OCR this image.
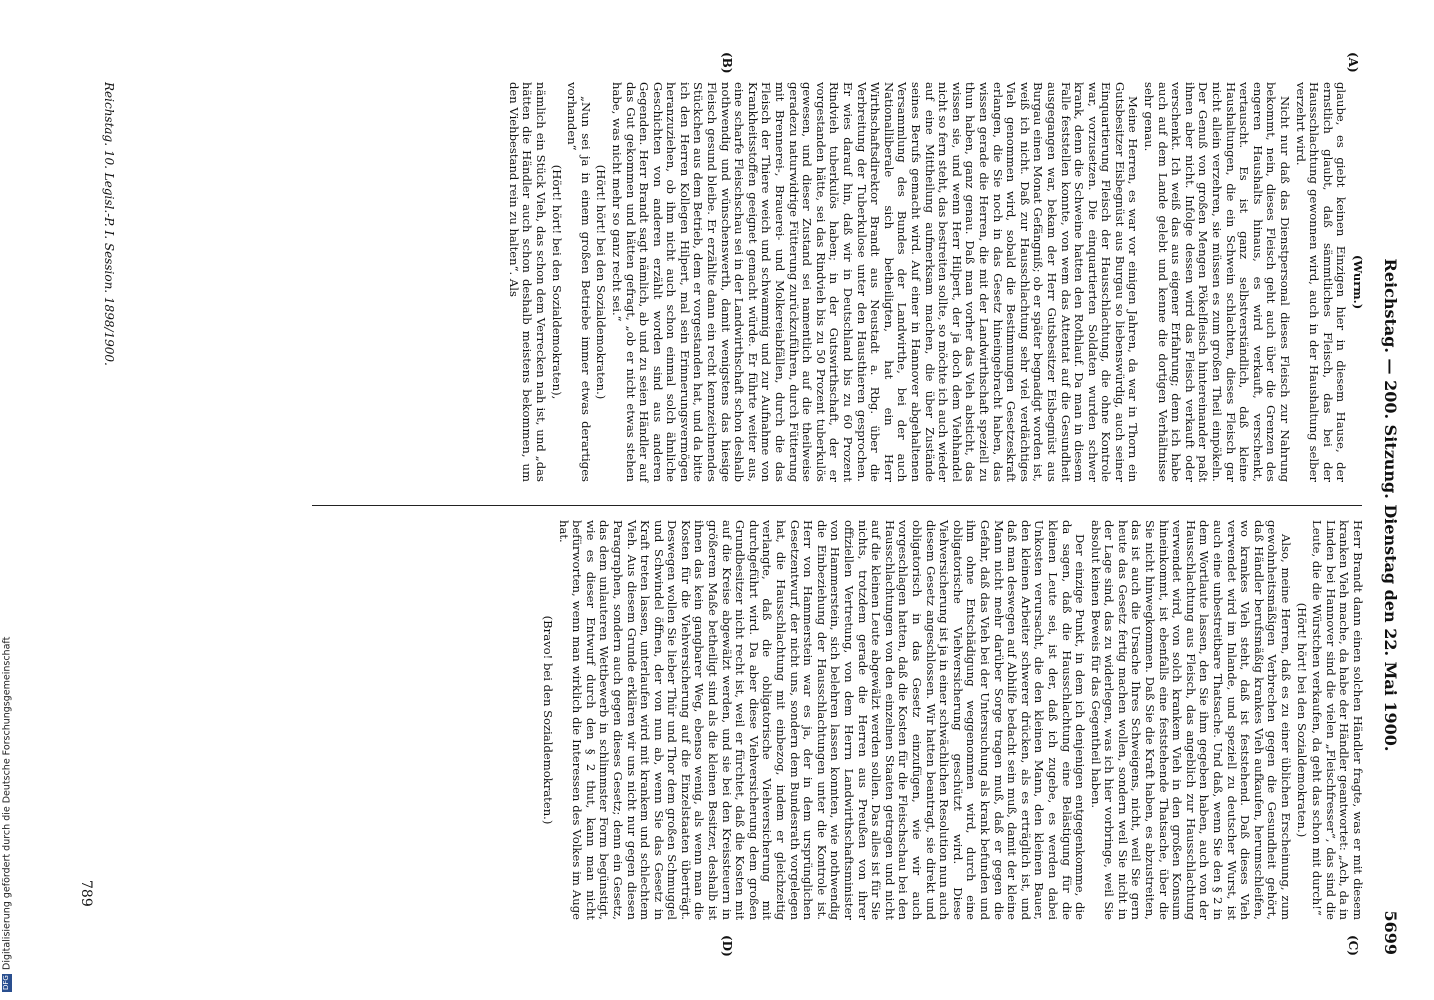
Reichstag. — 200. Sitzung. Dienstag den 22. Mai 1900.
5699
(A)
(B)
(C)
(D)
(Wurm.)

glaube, es giebt keinen Einzigen hier in diesem Hause, der ernstlich glaubt, daß sämmtliches Fleisch, das bei der Hausschlachtung gewonnen wird, auch in der Haushaltung selber verzehrt wird.

Nicht nur daß das Dienstpersonal dieses Fleisch zur Nahrung bekommt, nein, dieses Fleisch geht auch über die Grenzen des engeren Haushalts hinaus, es wird verkauft, verschenkt, vertauscht. Es ist ganz selbstverständlich, daß kleine Haushaltungen, die ein Schwein schlachten, dieses Fleisch gar nicht allein verzehren, sie müssen es zum großen Theil einpökeln. Der Genuß von großen Mengen Pökelfleisch hintereinander paßt ihnen aber nicht. Infolge dessen wird das Fleisch verkauft oder verschenkt. Ich weiß das aus eigener Erfahrung; denn ich habe auch auf dem Lande gelebt und kenne die dortigen Verhältnisse sehr genau.

Meine Herren, es war vor einigen Jahren, da war in Thorn ein Gutsbesitzer Eisbegnüst aus Burgau so liebenswürdig, auch seiner Einquartierung Fleisch der Hausschlachtung, die ohne Kontrole war, vorzusetzen. Die einquartierten Soldaten wurden schwer krank, denn die Schweine hatten den Rothlauf. Da man in diesem Falle feststellen konnte, von wem das Attentat auf die Gesundheit ausgegangen war, bekam der Herr Gutsbesitzer Eisbegnüst aus Burgau einen Monat Gefängniß; ob er später begnadigt worden ist, weiß ich nicht. Daß zur Hausschlachtung sehr viel verdächtiges Vieh genommen wird, sobald die Bestimmungen Gesetzeskraft erlangen, die Sie noch in das Gesetz hineingebracht haben, das wissen gerade die Herren, die mit der Landwirthschaft speziell zu thun haben, ganz genau. Daß man vorher das Vieh absticht, das wissen sie, und wenn Herr Hilpert, der ja doch dem Viehhandel nicht so fern steht, das bestreiten sollte, so möchte ich auch wieder auf eine Mittheilung aufmerksam machen, die über Zustände seines Berufs gemacht wird. Auf einer in Hannover abgehaltenen Versammlung des Bundes der Landwirthe, bei der auch Nationalliberale sich betheiligten, hat ein Herr Wirthschaftsdirektor Brandt aus Neustadt a. Rbg. über die Verbreitung der Tuberkulose unter den Hausthieren gesprochen. Er wies darauf hin, daß wir in Deutschland bis zu 60 Prozent Rindvieh tuberkulös haben; in der Gutswirthschaft, der er vorgestanden hätte, sei das Rindvieh bis zu 50 Prozent tuberkulös gewesen, und dieser Zustand sei namentlich auf die theilweise geradezu naturwidrige Fütterung zurückzuführen, durch Fütterung mit Brennerei-, Brauerei- und Molkereiabfällen, durch die das Fleisch der Thiere weich und schwammig und zur Aufnahme von Krankheitsstoffen geeignet gemacht würde. Er führte weiter aus, eine scharfe Fleischschau sei in der Landwirthschaft schon deshalb nothwendig und wünschenswerth, damit wenigstens das hiesige Fleisch gesund bleibe. Er erzählte dann ein recht kennzeichnendes Stückchen aus dem Betrieb, dem er vorgestanden hat, und da bitte ich den Herren Kollegen Hilpert, mal sein Erinnerungsvermögen heranzuziehen, ob ihm nicht auch schon einmal solch ähnliche Geschichten von anderen erzählt worden sind aus anderen Gegenden. Herr Brandt sagt nämlich, ab und zu seien Händler auf das Gut gekommen und hätten gefragt, „ob er nicht etwas stehen habe, was nicht mehr so ganz recht sei.“

(Hört! hört! bei den Sozialdemokraten.)

„Nun sei ja in einem großen Betriebe immer etwas derartiges vorhanden“

(Hört! hört! bei den Sozialdemokraten),

nämlich ein Stück Vieh, das schon dem Verrecken nah ist, und „das hätten die Händler auch schon deshalb meistens bekommen, um den Viehbestand rein zu halten“. Als

Herr Brandt dann einen solchen Händler fragte, was er mit diesem kranken Vieh mache, da habe der Händler geantwortet: „Ach, da in Linden bei Hannover sind die vielen „Fleischfresser“, das sind die Leute, die die Würstchen verkaufen, da geht das schon mit durch!“

(Hört! hört! bei den Sozialdemokraten.)

Also, meine Herren, daß es zu einer üblichen Erscheinung, zum gewohnheitsmäßigen Verbrechen gegen die Gesundheit gehört, daß Händler berufsmäßig krankes Vieh aufkaufen, herumschleifen, wo krankes Vieh steht, daß ist feststehend. Daß dieses Vieh verwendet wird im Inlande, und speziell zu deutscher Wurst, ist auch eine unbestreitbare Thatsache. Und daß, wenn Sie den § 2 in dem Wortlaute lassen, den Sie ihm gegeben haben, auch von der Hausschlachtung aus Fleisch, das angeblich zur Hausschlachtung verwendet wird, von solch krankem Vieh in den großen Konsum hineinkommt, ist ebenfalls eine feststehende Thatsache, über die Sie nicht hinwegkommen. Daß Sie die Kraft haben, es abzustreiten, das ist auch die Ursache Ihres Schweigens, nicht, weil Sie gern heute das Gesetz fertig machen wollen, sondern weil Sie nicht in der Lage sind, das zu widerlegen, was ich hier vorbringe, weil Sie absolut keinen Beweis für das Gegentheil haben.

Der einzige Punkt, in dem ich denjenigen entgegenkomme, die da sagen, daß die Hausschlachtung eine Belästigung für die kleinen Leute sei, ist der, daß ich zugebe, es werden dabei Unkosten verursacht, die den kleinen Mann, den kleinen Bauer, den kleinen Arbeiter schwerer drücken, als es erträglich ist, und daß man deswegen auf Abhilfe bedacht sein muß, damit der kleine Mann nicht mehr darüber Sorge tragen muß, daß er gegen die Gefahr, daß das Vieh bei der Untersuchung als krank befunden und ihm ohne Entschädigung weggenommen wird, durch eine obligatorische Viehversicherung geschützt wird. Diese Viehversicherung ist ja in einer schwächlichen Resolution nun auch diesem Gesetz angeschlossen. Wir hatten beantragt, sie direkt und obligatorisch in das Gesetz einzufügen, wie wir auch vorgeschlagen hatten, daß die Kosten für die Fleischschau bei den Hausschlachtungen von den einzelnen Staaten getragen und nicht auf die kleinen Leute abgewälzt werden sollen. Das alles ist für Sie nichts, trotzdem gerade die Herren aus Preußen von ihrer offiziellen Vertretung, von dem Herrn Landwirthschaftsminister von Hammerstein, sich belehren lassen konnten, wie nothwendig die Einbeziehung der Hausschlachtungen unter die Kontrole ist. Herr von Hammerstein war es ja, der in dem ursprünglichen Gesetzentwurf, der nicht uns, sondern dem Bundesrath vorgelegen hat, die Hausschlachtung mit einbezog, indem er gleichzeitig verlangte, daß die obligatorische Viehversicherung mit durchgeführt wird. Da aber diese Viehversicherung dem großen Grundbesitzer nicht recht ist, weil er fürchtet, daß die Kosten mit auf die Kreise abgewälzt werden, und sie bei den Kreissteuern in größerem Maße betheiligt sind als die kleinen Besitzer, deshalb ist ihnen das kein gangbarer Weg, ebenso wenig, als wenn man die Kosten für die Viehversicherung auf die Einzelstaaten überträgt. Deswegen wollen Sie lieber Thür und Thor dem großen Schmuggel und Schwindel öffnen, der von nun ab, wenn Sie das Gesetz in Kraft treten lassen, unterlaufen wird mit krankem und schlechtem Vieh. Aus diesem Grunde erklären wir uns nicht nur gegen diesen Paragraphen, sondern auch gegen dieses Gesetz; denn ein Gesetz, das dem unlauteren Wettbewerb in schlimmster Form begünstigt, wie es dieser Entwurf durch den § 2 thut, kann man nicht befürworten, wenn man wirklich die Interessen des Volkes im Auge hat.

(Bravo! bei den Sozialdemokraten.)

Reichstag. 10. Legisl.-P. I. Session. 1898/1900.
789
DFG
Digitalisierung gefördert durch die Deutsche Forschungsgemeinschaft
